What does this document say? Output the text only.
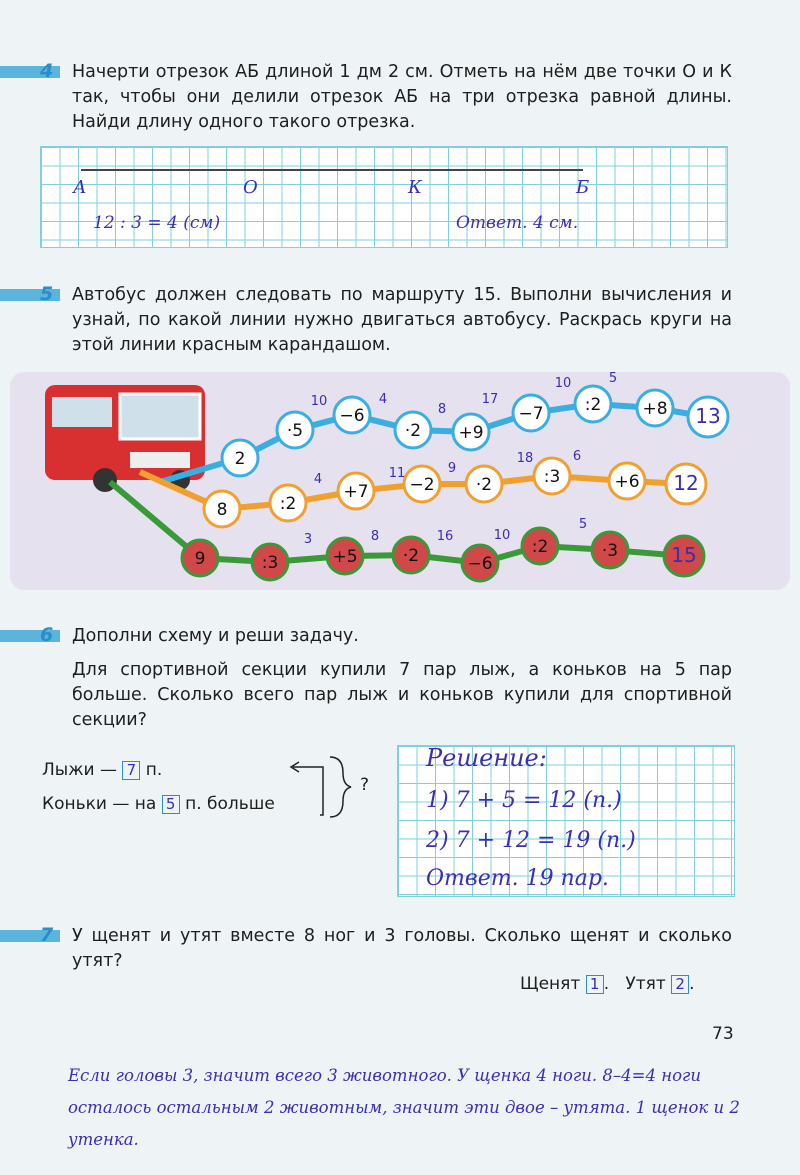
4 Начерти отрезок АБ длиной 1 дм 2 см. Отметь на нём две точки О и К так, чтобы они делили отрезок АБ на три отрезка равной длины. Найди длину одного такого отрезка.
А	О	К	Б
12 : 3 = 4 (см)	Ответ. 4 см.
5 Автобус должен следовать по маршруту 15. Выполни вычисления и узнай, по какой линии нужно двигаться автобусу. Раскрась круги на этой линии красным карандашом.
2
·5
−6
·2 +9
−7 :2 +8 13
10	4
8
17
10	5
8	:2
+7 −2 ·2	:3	+6 12
4	11	9
18	6
9	:3	+5	·2	−6
:2	·3	15
3	8	16	10
5
6 Дополни схему и реши задачу.
Для спортивной секции купили 7 пар лыж, а коньков на 5 пар больше. Сколько всего пар лыж и коньков купили для спортивной секции?
Лыжи — 7 п.
Коньки — на 5 п. больше
?
Решение:
1) 7 + 5 = 12 (п.)
2) 7 + 12 = 19 (п.)
Ответ. 19 пар.
7 У щенят и утят вместе 8 ног и 3 головы. Сколько щенят и сколько утят?
Щенят 1 .   Утят 2 .
73
Если головы 3, значит всего 3 животного. У щенка 4 ноги. 8–4=4 ноги осталось остальным 2 животным, значит эти двое – утята. 1 щенок и 2 утенка.
